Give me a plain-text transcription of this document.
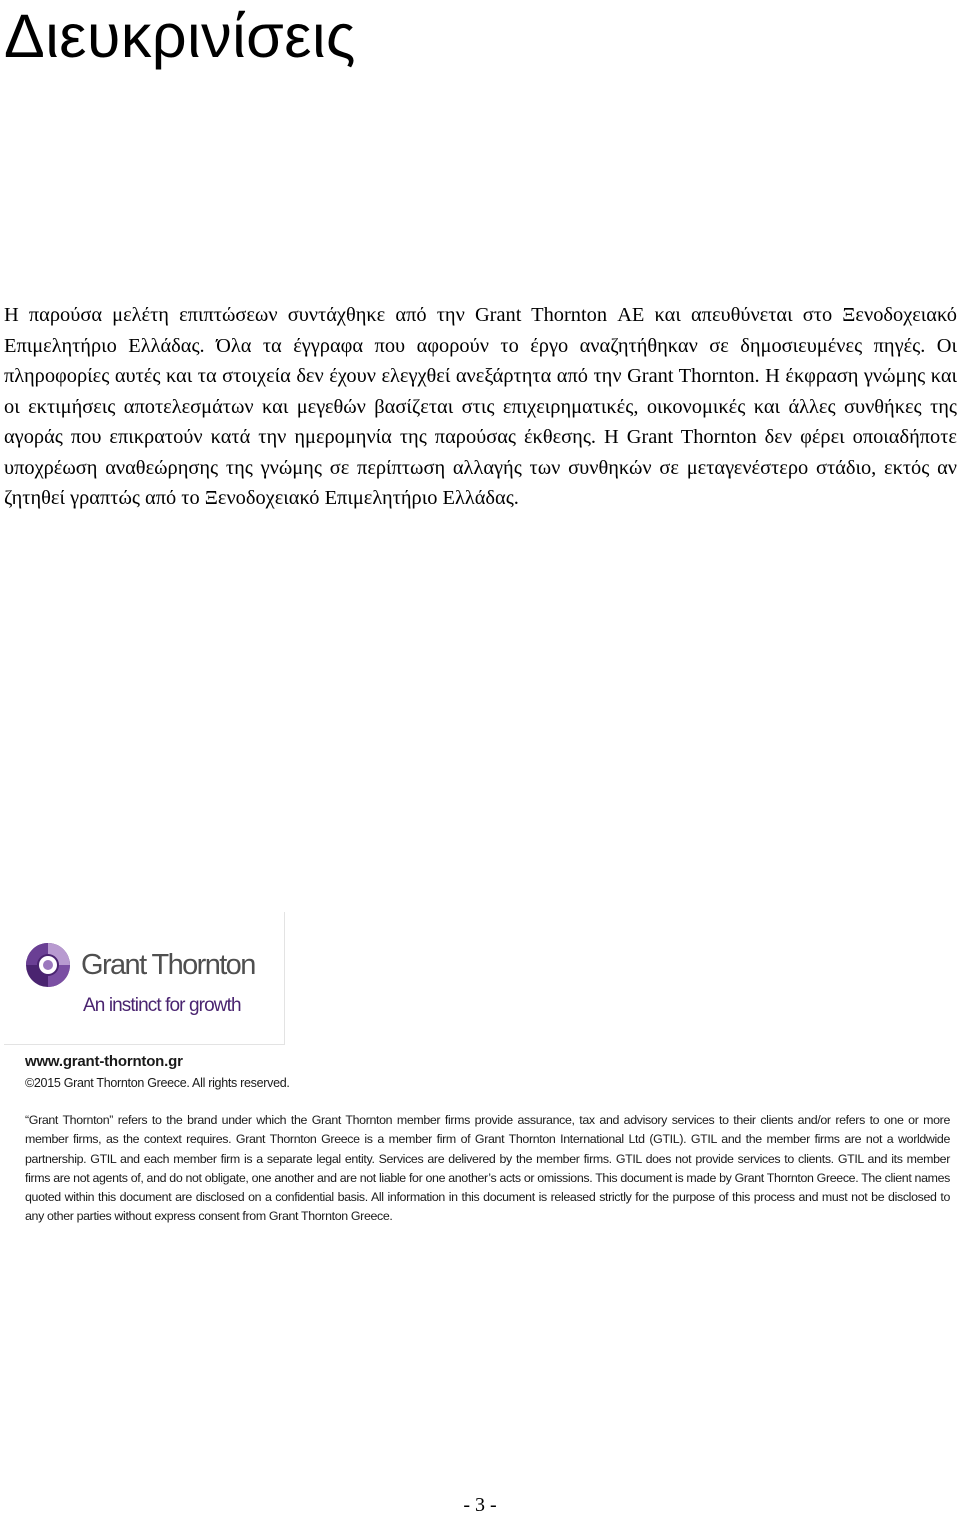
Διευκρινίσεις

Η παρούσα μελέτη επιπτώσεων συντάχθηκε από την Grant Thornton ΑΕ και απευθύνεται στο Ξενοδοχειακό Επιμελητήριο Ελλάδας. Όλα τα έγγραφα που αφορούν το έργο αναζητήθηκαν σε δημοσιευμένες πηγές. Οι πληροφορίες αυτές και τα στοιχεία δεν έχουν ελεγχθεί ανεξάρτητα από την Grant Thornton. Η έκφραση γνώμης και οι εκτιμήσεις αποτελεσμάτων και μεγεθών βασίζεται στις επιχειρηματικές, οικονομικές και άλλες συνθήκες της αγοράς που επικρατούν κατά την ημερομηνία της παρούσας έκθεσης. Η Grant Thornton δεν φέρει οποιαδήποτε υποχρέωση αναθεώρησης της γνώμης σε περίπτωση αλλαγής των συνθηκών σε μεταγενέστερο στάδιο, εκτός αν ζητηθεί γραπτώς από το Ξενοδοχειακό Επιμελητήριο Ελλάδας.

Grant Thornton
An instinct for growth
www.grant-thornton.gr
©2015 Grant Thornton Greece. All rights reserved.
“Grant Thornton” refers to the brand under which the Grant Thornton member firms provide assurance, tax and advisory services to their clients and/or refers to one or more member firms, as the context requires. Grant Thornton Greece is a member firm of Grant Thornton International Ltd (GTIL). GTIL and the member firms are not a worldwide partnership. GTIL and each member firm is a separate legal entity. Services are delivered by the member firms. GTIL does not provide services to clients. GTIL and its member firms are not agents of, and do not obligate, one another and are not liable for one another’s acts or omissions. This document is made by Grant Thornton Greece. The client names quoted within this document are disclosed on a confidential basis. All information in this document is released strictly for the purpose of this process and must not be disclosed to any other parties without express consent from Grant Thornton Greece.
- 3 -
